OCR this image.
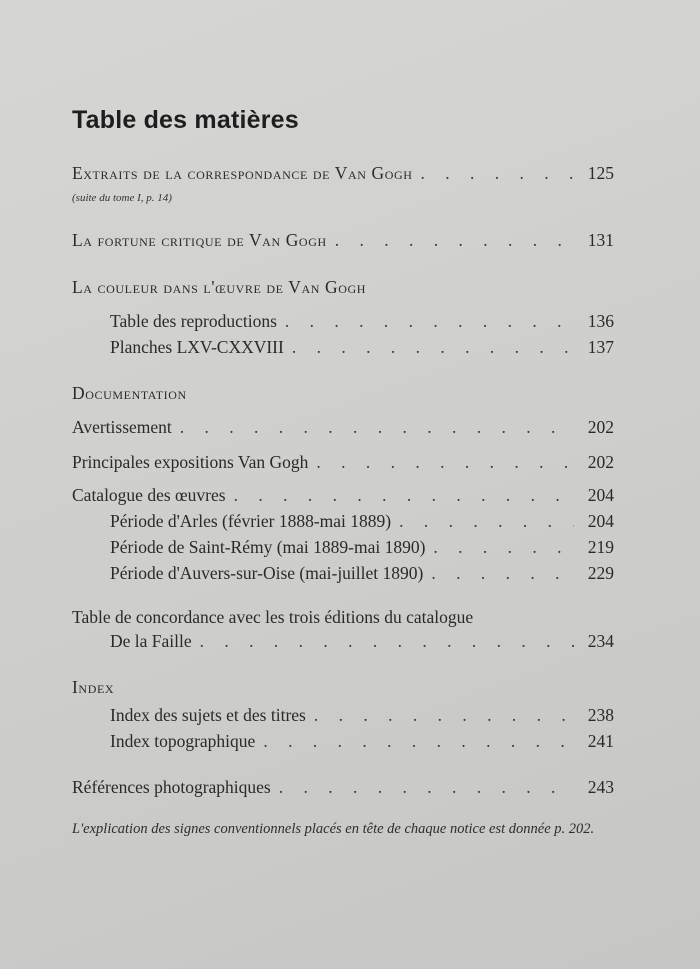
Table des matières
Extraits de la correspondance de Van Gogh . . .	125
(suite du tome I, p. 14)
La fortune critique de Van Gogh . . .	131
La couleur dans l'œuvre de Van Gogh
Table des reproductions . . .	136
Planches LXV-CXXVIII . . .	137
Documentation
Avertissement . . .	202
Principales expositions Van Gogh . . .	202
Catalogue des œuvres . . .	204
Période d'Arles (février 1888-mai 1889) . . .	204
Période de Saint-Rémy (mai 1889-mai 1890) . . .	219
Période d'Auvers-sur-Oise (mai-juillet 1890) . . .	229
Table de concordance avec les trois éditions du catalogue
De la Faille . . .	234
Index
Index des sujets et des titres . . .	238
Index topographique . . .	241
Références photographiques . . .	243

L'explication des signes conventionnels placés en tête de chaque notice est donnée p. 202.
